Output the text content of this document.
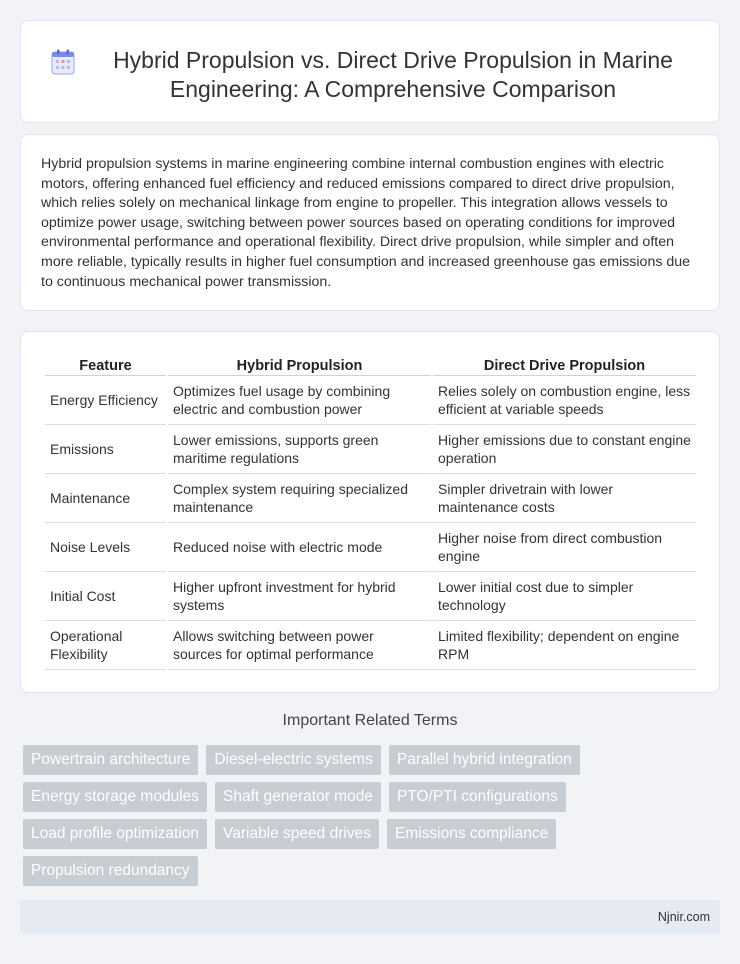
Hybrid Propulsion vs. Direct Drive Propulsion in Marine Engineering: A Comprehensive Comparison

Hybrid propulsion systems in marine engineering combine internal combustion engines with electric motors, offering enhanced fuel efficiency and reduced emissions compared to direct drive propulsion, which relies solely on mechanical linkage from engine to propeller. This integration allows vessels to optimize power usage, switching between power sources based on operating conditions for improved environmental performance and operational flexibility. Direct drive propulsion, while simpler and often more reliable, typically results in higher fuel consumption and increased greenhouse gas emissions due to continuous mechanical power transmission.

Feature	Hybrid Propulsion	Direct Drive Propulsion
Energy Efficiency	Optimizes fuel usage by combining electric and combustion power	Relies solely on combustion engine, less efficient at variable speeds
Emissions	Lower emissions, supports green maritime regulations	Higher emissions due to constant engine operation
Maintenance	Complex system requiring specialized maintenance	Simpler drivetrain with lower maintenance costs
Noise Levels	Reduced noise with electric mode	Higher noise from direct combustion engine
Initial Cost	Higher upfront investment for hybrid systems	Lower initial cost due to simpler technology
Operational Flexibility	Allows switching between power sources for optimal performance	Limited flexibility; dependent on engine RPM
Important Related Terms
Powertrain architecture	Diesel-electric systems	Parallel hybrid integration
Energy storage modules	Shaft generator mode	PTO/PTI configurations
Load profile optimization	Variable speed drives	Emissions compliance
Propulsion redundancy
Njnir.com
